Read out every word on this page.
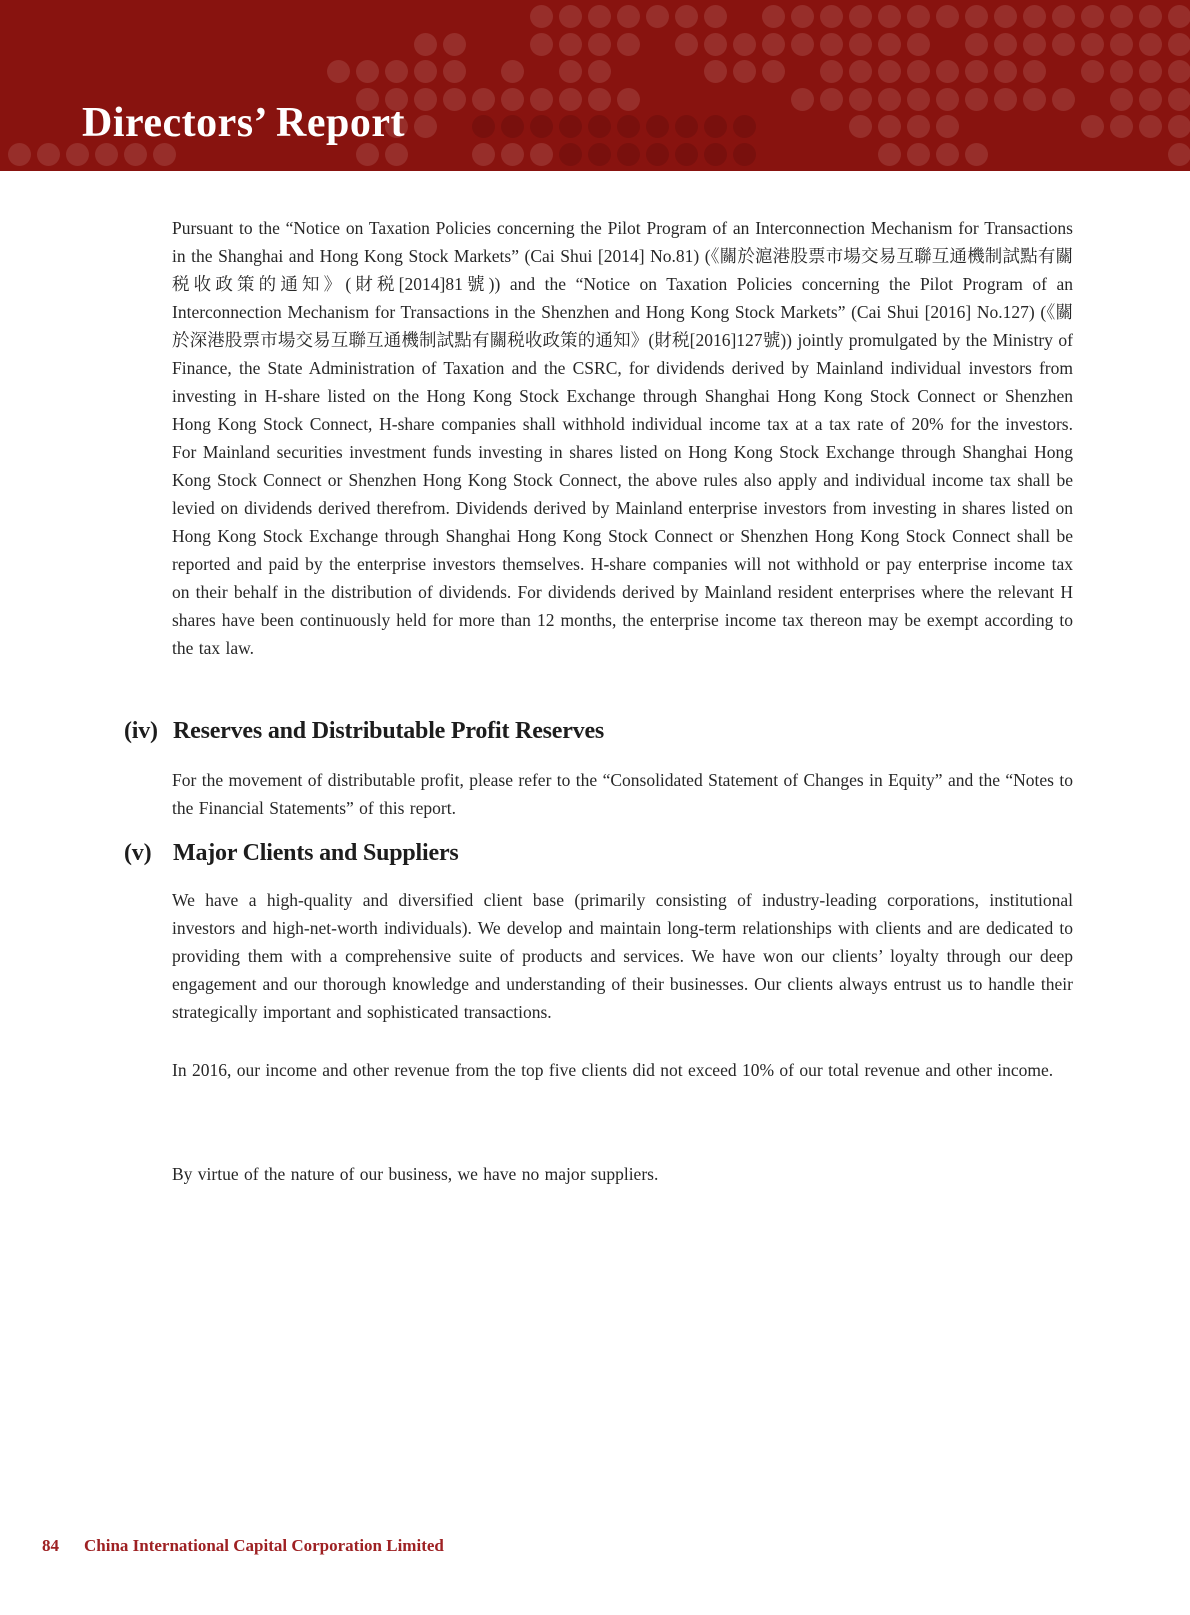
Directors’ Report

Pursuant to the “Notice on Taxation Policies concerning the Pilot Program of an Interconnection Mechanism for Transactions in the Shanghai and Hong Kong Stock Markets” (Cai Shui [2014] No.81) (《關於滬港股票市場交易互聯互通機制試點有關税收政策的通知》(財税[2014]81號)) and the “Notice on Taxation Policies concerning the Pilot Program of an Interconnection Mechanism for Transactions in the Shenzhen and Hong Kong Stock Markets” (Cai Shui [2016] No.127) (《關於深港股票市場交易互聯互通機制試點有關税收政策的通知》(財税[2016]127號)) jointly promulgated by the Ministry of Finance, the State Administration of Taxation and the CSRC, for dividends derived by Mainland individual investors from investing in H-share listed on the Hong Kong Stock Exchange through Shanghai Hong Kong Stock Connect or Shenzhen Hong Kong Stock Connect, H-share companies shall withhold individual income tax at a tax rate of 20% for the investors. For Mainland securities investment funds investing in shares listed on Hong Kong Stock Exchange through Shanghai Hong Kong Stock Connect or Shenzhen Hong Kong Stock Connect, the above rules also apply and individual income tax shall be levied on dividends derived therefrom. Dividends derived by Mainland enterprise investors from investing in shares listed on Hong Kong Stock Exchange through Shanghai Hong Kong Stock Connect or Shenzhen Hong Kong Stock Connect shall be reported and paid by the enterprise investors themselves. H-share companies will not withhold or pay enterprise income tax on their behalf in the distribution of dividends. For dividends derived by Mainland resident enterprises where the relevant H shares have been continuously held for more than 12 months, the enterprise income tax thereon may be exempt according to the tax law.

(iv) Reserves and Distributable Profit Reserves

For the movement of distributable profit, please refer to the “Consolidated Statement of Changes in Equity” and the “Notes to the Financial Statements” of this report.

(v) Major Clients and Suppliers

We have a high-quality and diversified client base (primarily consisting of industry-leading corporations, institutional investors and high-net-worth individuals). We develop and maintain long-term relationships with clients and are dedicated to providing them with a comprehensive suite of products and services. We have won our clients’ loyalty through our deep engagement and our thorough knowledge and understanding of their businesses. Our clients always entrust us to handle their strategically important and sophisticated transactions.

In 2016, our income and other revenue from the top five clients did not exceed 10% of our total revenue and other income.

By virtue of the nature of our business, we have no major suppliers.

84 China International Capital Corporation Limited
